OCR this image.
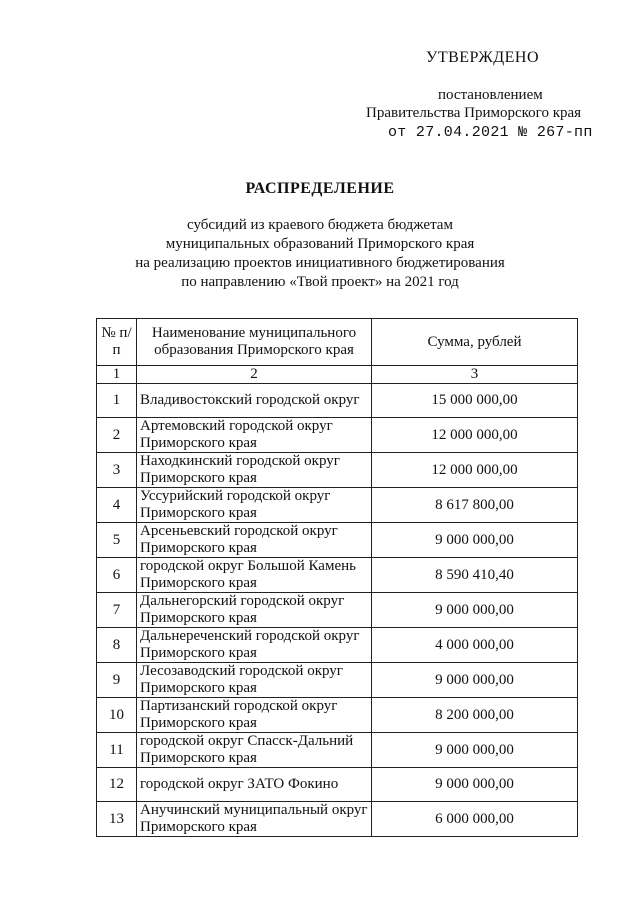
УТВЕРЖДЕНО
постановлением
Правительства Приморского края
от 27.04.2021 № 267-пп
РАСПРЕДЕЛЕНИЕ
субсидий из краевого бюджета бюджетам
муниципальных образований Приморского края
на реализацию проектов инициативного бюджетирования
по направлению «Твой проект» на 2021 год
№ п/п	Наименование муниципального образования Приморского края	Сумма, рублей
1	2	3
1	Владивостокский городской округ	15 000 000,00
2	Артемовский городской округ Приморского края	12 000 000,00
3	Находкинский городской округ Приморского края	12 000 000,00
4	Уссурийский городской округ Приморского края	8 617 800,00
5	Арсеньевский городской округ Приморского края	9 000 000,00
6	городской округ Большой Камень Приморского края	8 590 410,40
7	Дальнегорский городской округ Приморского края	9 000 000,00
8	Дальнереченский городской округ Приморского края	4 000 000,00
9	Лесозаводский городской округ Приморского края	9 000 000,00
10	Партизанский городской округ Приморского края	8 200 000,00
11	городской округ Спасск-Дальний Приморского края	9 000 000,00
12	городской округ ЗАТО Фокино	9 000 000,00
13	Анучинский муниципальный округ Приморского края	6 000 000,00
